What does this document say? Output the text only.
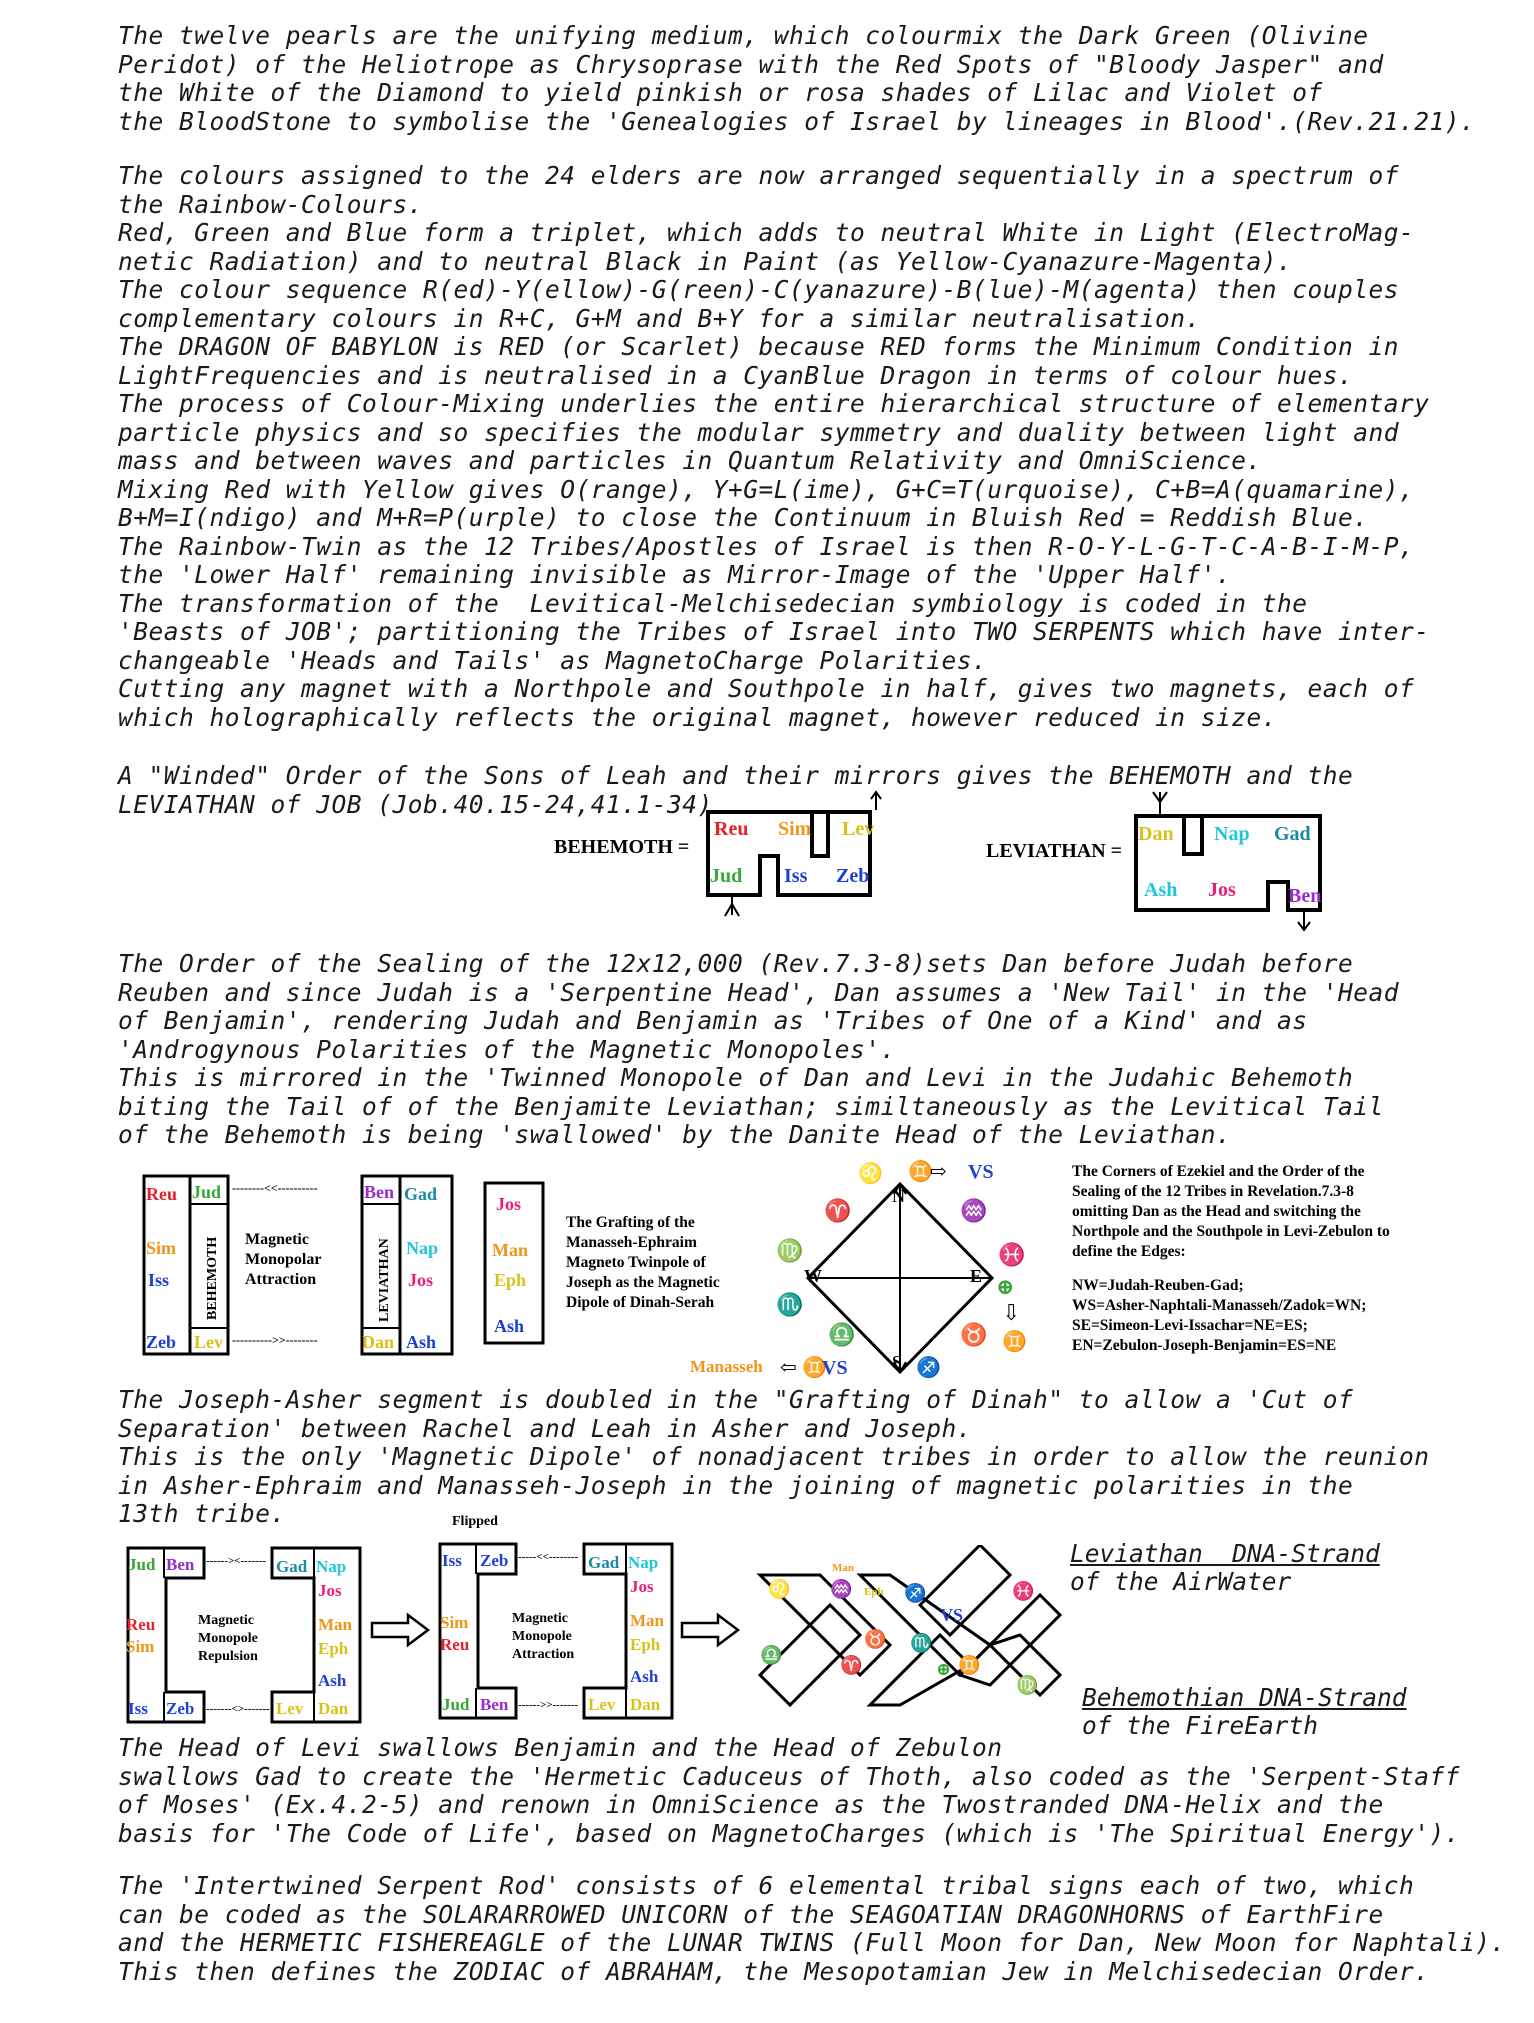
The twelve pearls are the unifying medium, which colourmix the Dark Green (Olivine
Peridot) of the Heliotrope as Chrysoprase with the Red Spots of "Bloody Jasper" and
the White of the Diamond to yield pinkish or rosa shades of Lilac and Violet of
the BloodStone to symbolise the 'Genealogies of Israel by lineages in Blood'.(Rev.21.21).
The colours assigned to the 24 elders are now arranged sequentially in a spectrum of
the Rainbow-Colours.
Red, Green and Blue form a triplet, which adds to neutral White in Light (ElectroMag-
netic Radiation) and to neutral Black in Paint (as Yellow-Cyanazure-Magenta).
The colour sequence R(ed)-Y(ellow)-G(reen)-C(yanazure)-B(lue)-M(agenta) then couples
complementary colours in R+C, G+M and B+Y for a similar neutralisation.
The DRAGON OF BABYLON is RED (or Scarlet) because RED forms the Minimum Condition in
LightFrequencies and is neutralised in a CyanBlue Dragon in terms of colour hues.
The process of Colour-Mixing underlies the entire hierarchical structure of elementary
particle physics and so specifies the modular symmetry and duality between light and
mass and between waves and particles in Quantum Relativity and OmniScience.
Mixing Red with Yellow gives O(range), Y+G=L(ime), G+C=T(urquoise), C+B=A(quamarine),
B+M=I(ndigo) and M+R=P(urple) to close the Continuum in Bluish Red = Reddish Blue.
The Rainbow-Twin as the 12 Tribes/Apostles of Israel is then R-O-Y-L-G-T-C-A-B-I-M-P,
the 'Lower Half' remaining invisible as Mirror-Image of the 'Upper Half'.
The transformation of the  Levitical-Melchisedecian symbiology is coded in the
'Beasts of JOB'; partitioning the Tribes of Israel into TWO SERPENTS which have inter-
changeable 'Heads and Tails' as MagnetoCharge Polarities.
Cutting any magnet with a Northpole and Southpole in half, gives two magnets, each of
which holographically reflects the original magnet, however reduced in size.
A "Winded" Order of the Sons of Leah and their mirrors gives the BEHEMOTH and the
LEVIATHAN of JOB (Job.40.15-24,41.1-34)
BEHEMOTH =
Reu Sim Lev
Jud Iss Zeb
LEVIATHAN =
Dan Nap Gad
Ash Jos	Ben
The Order of the Sealing of the 12x12,000 (Rev.7.3-8)sets Dan before Judah before
Reuben and since Judah is a 'Serpentine Head', Dan assumes a 'New Tail' in the 'Head
of Benjamin', rendering Judah and Benjamin as 'Tribes of One of a Kind' and as
'Androgynous Polarities of the Magnetic Monopoles'.
This is mirrored in the 'Twinned Monopole of Dan and Levi in the Judahic Behemoth
biting the Tail of of the Benjamite Leviathan; similtaneously as the Levitical Tail
of the Behemoth is being 'swallowed' by the Danite Head of the Leviathan.
Reu
Sim
Iss
Zeb
Jud
Lev
BEHEMOTH
Ben
Dan
LEVIATHAN
Gad
Nap
Jos
Ash
Magnetic
Monopolar
Attraction
--------<<----------
---------->>--------
Jos
Man
Eph
Ash
The Grafting of the
Manasseh-Ephraim
Magneto Twinpole of
Joseph as the Magnetic
Dipole of Dinah-Serah
N
S
W	E
♌ ♊
⇨ VS
♈	♒
♍	♓
⊕
♏	⇩
♎	♉ ♊
Manasseh ⇦ ♊
VS	♐
The Corners of Ezekiel and the Order of the
Sealing of the 12 Tribes in Revelation.7.3-8
omitting Dan as the Head and switching the
Northpole and the Southpole in Levi-Zebulon to
define the Edges:
NW=Judah-Reuben-Gad;
WS=Asher-Naphtali-Manasseh/Zadok=WN;
SE=Simeon-Levi-Issachar=NE=ES;
EN=Zebulon-Joseph-Benjamin=ES=NE
The Joseph-Asher segment is doubled in the "Grafting of Dinah" to allow a 'Cut of
Separation' between Rachel and Leah in Asher and Joseph.
This is the only 'Magnetic Dipole' of nonadjacent tribes in order to allow the reunion
in Asher-Ephraim and Manasseh-Joseph in the joining of magnetic polarities in the
13th tribe.
Jud Ben	Gad Nap
Reu
Sim
Jos
Man
Eph
Ash
Iss Zeb	Lev Dan
Magnetic
Monopole
Repulsion
------><-------
-------<>-------
Flipped
Iss Zeb	Gad Nap
Sim
Reu
Jos
Man
Eph
Ash
Jud Ben	Lev Dan
Magnetic
Monopole
Attraction
-----<<--------
------>>-------
♌ ♒
Man
Eph ♐
VS
♓
♎	♈
♉ ♏
⊕ ♊
♍
Leviathan  DNA-Strand
of the AirWater
Behemothian DNA-Strand
of the FireEarth
The Head of Levi swallows Benjamin and the Head of Zebulon
swallows Gad to create the 'Hermetic Caduceus of Thoth, also coded as the 'Serpent-Staff
of Moses' (Ex.4.2-5) and renown in OmniScience as the Twostranded DNA-Helix and the
basis for 'The Code of Life', based on MagnetoCharges (which is 'The Spiritual Energy').
The 'Intertwined Serpent Rod' consists of 6 elemental tribal signs each of two, which
can be coded as the SOLARARROWED UNICORN of the SEAGOATIAN DRAGONHORNS of EarthFire
and the HERMETIC FISHEREAGLE of the LUNAR TWINS (Full Moon for Dan, New Moon for Naphtali).
This then defines the ZODIAC of ABRAHAM, the Mesopotamian Jew in Melchisedecian Order.
